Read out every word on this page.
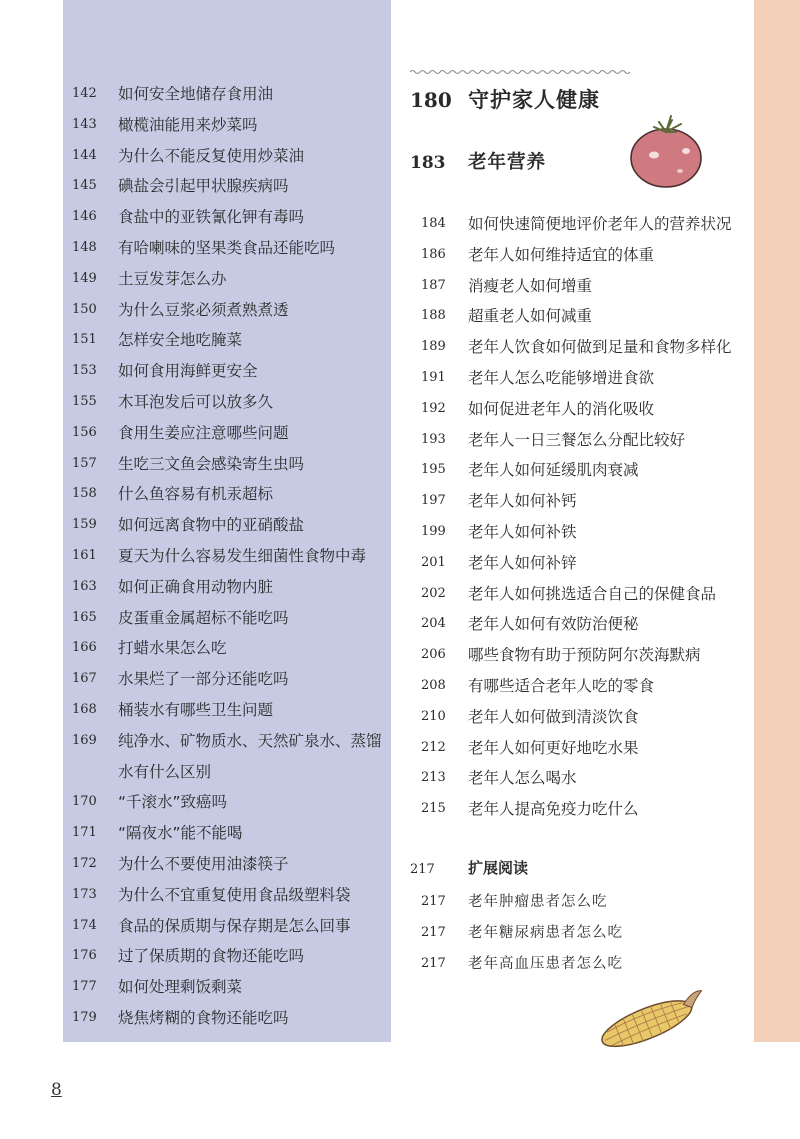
142	如何安全地储存食用油
143	橄榄油能用来炒菜吗
144	为什么不能反复使用炒菜油
145	碘盐会引起甲状腺疾病吗
146	食盐中的亚铁氰化钾有毒吗
148	有哈喇味的坚果类食品还能吃吗
149	土豆发芽怎么办
150	为什么豆浆必须煮熟煮透
151	怎样安全地吃腌菜
153	如何食用海鲜更安全
155	木耳泡发后可以放多久
156	食用生姜应注意哪些问题
157	生吃三文鱼会感染寄生虫吗
158	什么鱼容易有机汞超标
159	如何远离食物中的亚硝酸盐
161	夏天为什么容易发生细菌性食物中毒
163	如何正确食用动物内脏
165	皮蛋重金属超标不能吃吗
166	打蜡水果怎么吃
167	水果烂了一部分还能吃吗
168	桶装水有哪些卫生问题
169	纯净水、矿物质水、天然矿泉水、蒸馏水有什么区别
170	“千滚水”致癌吗
171	“隔夜水”能不能喝
172	为什么不要使用油漆筷子
173	为什么不宜重复使用食品级塑料袋
174	食品的保质期与保存期是怎么回事
176	过了保质期的食物还能吃吗
177	如何处理剩饭剩菜
179	烧焦烤糊的食物还能吃吗
180 守护家人健康
183	老年营养
184	如何快速简便地评价老年人的营养状况
186	老年人如何维持适宜的体重
187	消瘦老人如何增重
188	超重老人如何减重
189	老年人饮食如何做到足量和食物多样化
191	老年人怎么吃能够增进食欲
192	如何促进老年人的消化吸收
193	老年人一日三餐怎么分配比较好
195	老年人如何延缓肌肉衰减
197	老年人如何补钙
199	老年人如何补铁
201	老年人如何补锌
202	老年人如何挑选适合自己的保健食品
204	老年人如何有效防治便秘
206	哪些食物有助于预防阿尔茨海默病
208	有哪些适合老年人吃的零食
210	老年人如何做到清淡饮食
212	老年人如何更好地吃水果
213	老年人怎么喝水
215	老年人提高免疫力吃什么
217	扩展阅读
217	老年肿瘤患者怎么吃
217	老年糖尿病患者怎么吃
217	老年高血压患者怎么吃
8
